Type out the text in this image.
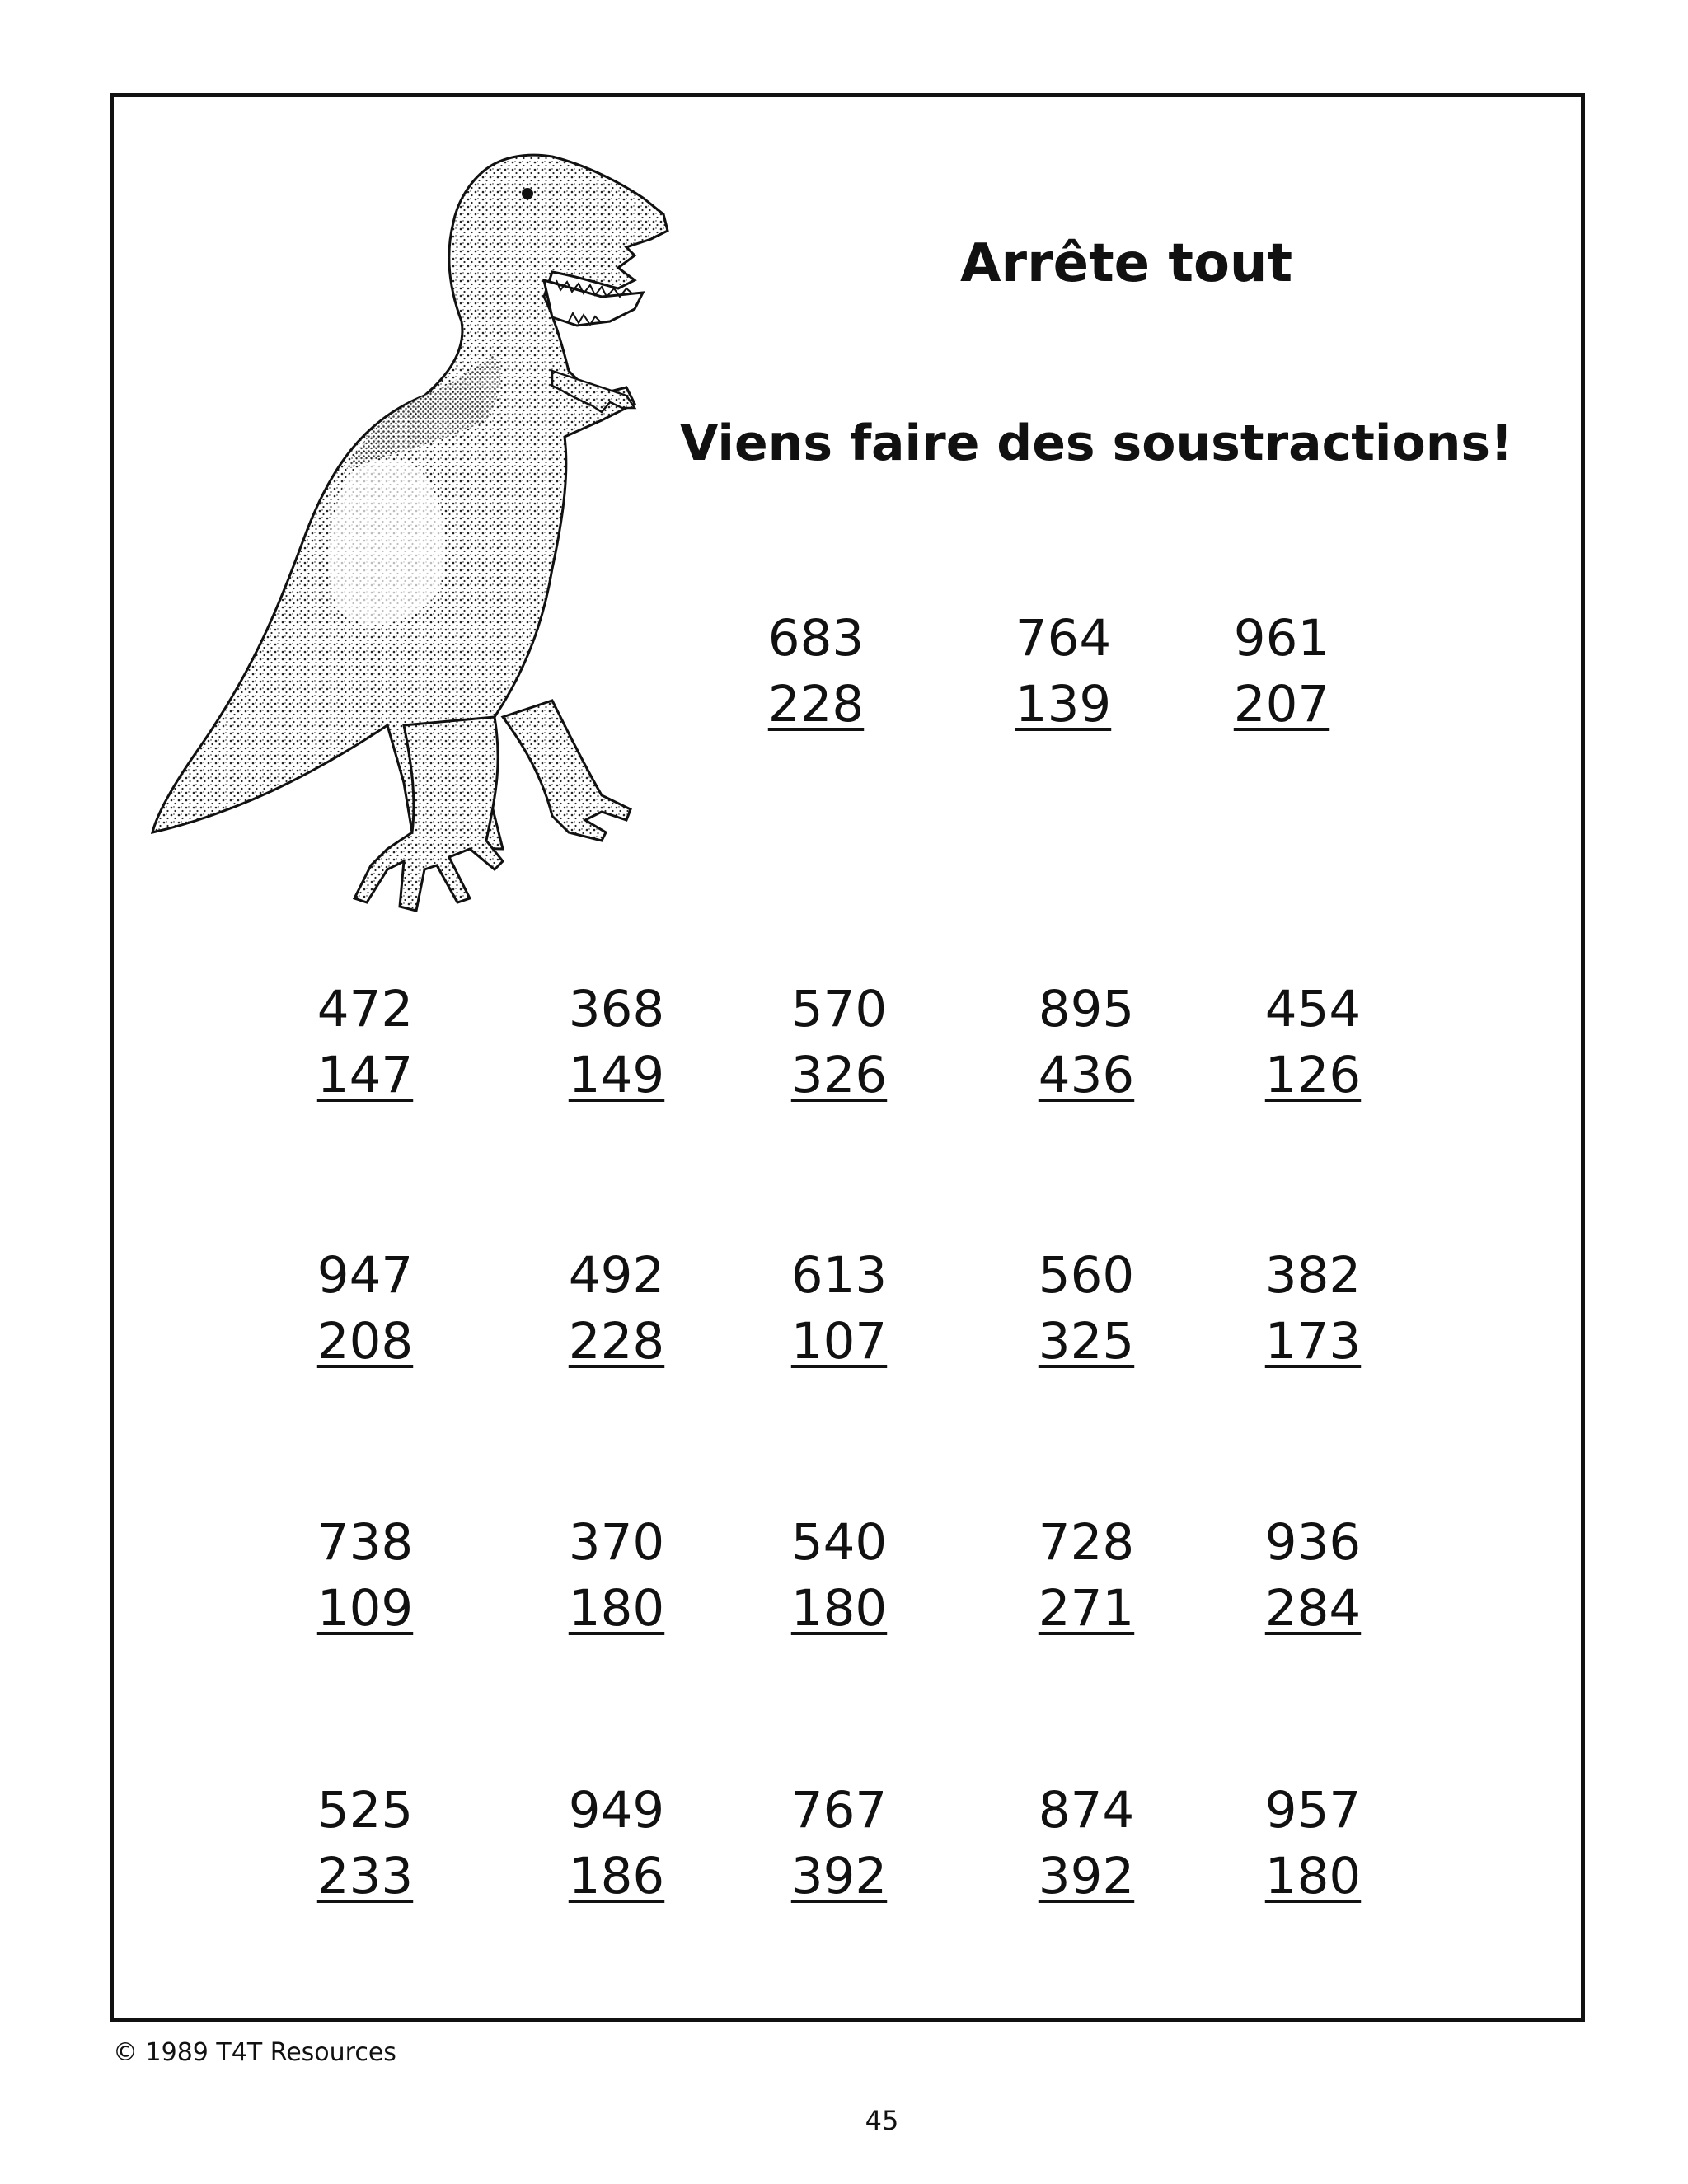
Arrête tout
Viens faire des soustractions!
683
228
764
139
961
207
472
147
368
149
570
326
895
436
454
126
947
208
492
228
613
107
560
325
382
173
738
109
370
180
540
180
728
271
936
284
525
233
949
186
767
392
874
392
957
180
© 1989 T4T Resources
45
